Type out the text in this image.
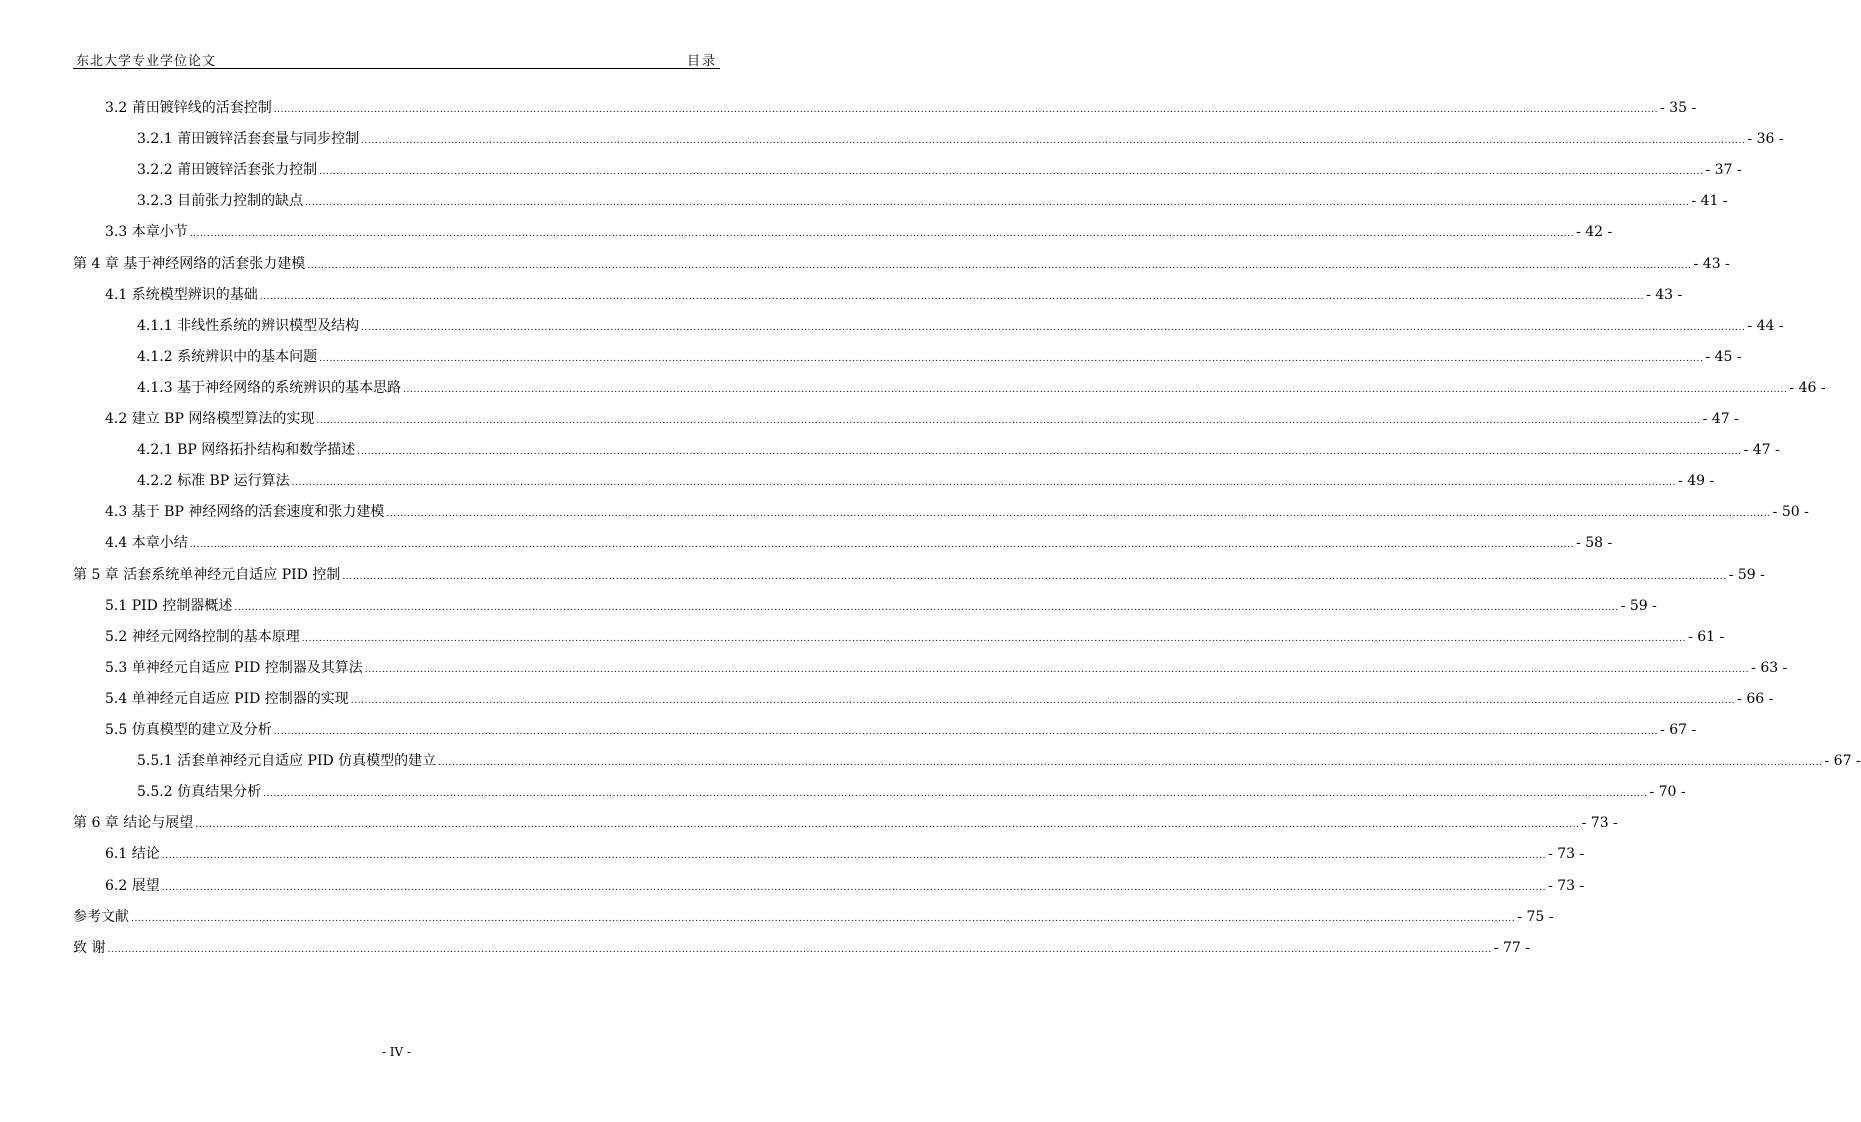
东北大学专业学位论文	目录
3.2 莆田镀锌线的活套控制 ................................................................................................................................................................................................................................................................................................................................................................................................................ - 35 -
3.2.1 莆田镀锌活套套量与同步控制 ................................................................................................................................................................................................................................................................................................................................................................................................................ - 36 -
3.2.2 莆田镀锌活套张力控制 ................................................................................................................................................................................................................................................................................................................................................................................................................ - 37 -
3.2.3 目前张力控制的缺点 ................................................................................................................................................................................................................................................................................................................................................................................................................ - 41 -
3.3 本章小节 ................................................................................................................................................................................................................................................................................................................................................................................................................ - 42 -
第 4 章 基于神经网络的活套张力建模 ................................................................................................................................................................................................................................................................................................................................................................................................................ - 43 -
4.1 系统模型辨识的基础 ................................................................................................................................................................................................................................................................................................................................................................................................................ - 43 -
4.1.1 非线性系统的辨识模型及结构 ................................................................................................................................................................................................................................................................................................................................................................................................................ - 44 -
4.1.2 系统辨识中的基本问题 ................................................................................................................................................................................................................................................................................................................................................................................................................ - 45 -
4.1.3 基于神经网络的系统辨识的基本思路 ................................................................................................................................................................................................................................................................................................................................................................................................................ - 46 -
4.2 建立 BP 网络模型算法的实现 ................................................................................................................................................................................................................................................................................................................................................................................................................ - 47 -
4.2.1 BP 网络拓扑结构和数学描述 ................................................................................................................................................................................................................................................................................................................................................................................................................ - 47 -
4.2.2 标准 BP 运行算法 ................................................................................................................................................................................................................................................................................................................................................................................................................ - 49 -
4.3 基于 BP 神经网络的活套速度和张力建模 ................................................................................................................................................................................................................................................................................................................................................................................................................ - 50 -
4.4 本章小结 ................................................................................................................................................................................................................................................................................................................................................................................................................ - 58 -
第 5 章 活套系统单神经元自适应 PID 控制 ................................................................................................................................................................................................................................................................................................................................................................................................................ - 59 -
5.1 PID 控制器概述 ................................................................................................................................................................................................................................................................................................................................................................................................................ - 59 -
5.2 神经元网络控制的基本原理 ................................................................................................................................................................................................................................................................................................................................................................................................................ - 61 -
5.3 单神经元自适应 PID 控制器及其算法 ................................................................................................................................................................................................................................................................................................................................................................................................................ - 63 -
5.4 单神经元自适应 PID 控制器的实现 ................................................................................................................................................................................................................................................................................................................................................................................................................ - 66 -
5.5 仿真模型的建立及分析 ................................................................................................................................................................................................................................................................................................................................................................................................................ - 67 -
5.5.1 活套单神经元自适应 PID 仿真模型的建立 ................................................................................................................................................................................................................................................................................................................................................................................................................ - 67 -
5.5.2 仿真结果分析 ................................................................................................................................................................................................................................................................................................................................................................................................................ - 70 -
第 6 章 结论与展望 ................................................................................................................................................................................................................................................................................................................................................................................................................ - 73 -
6.1 结论 ................................................................................................................................................................................................................................................................................................................................................................................................................ - 73 -
6.2 展望 ................................................................................................................................................................................................................................................................................................................................................................................................................ - 73 -
参考文献 ................................................................................................................................................................................................................................................................................................................................................................................................................ - 75 -
致 谢 ................................................................................................................................................................................................................................................................................................................................................................................................................ - 77 -
- IV -
